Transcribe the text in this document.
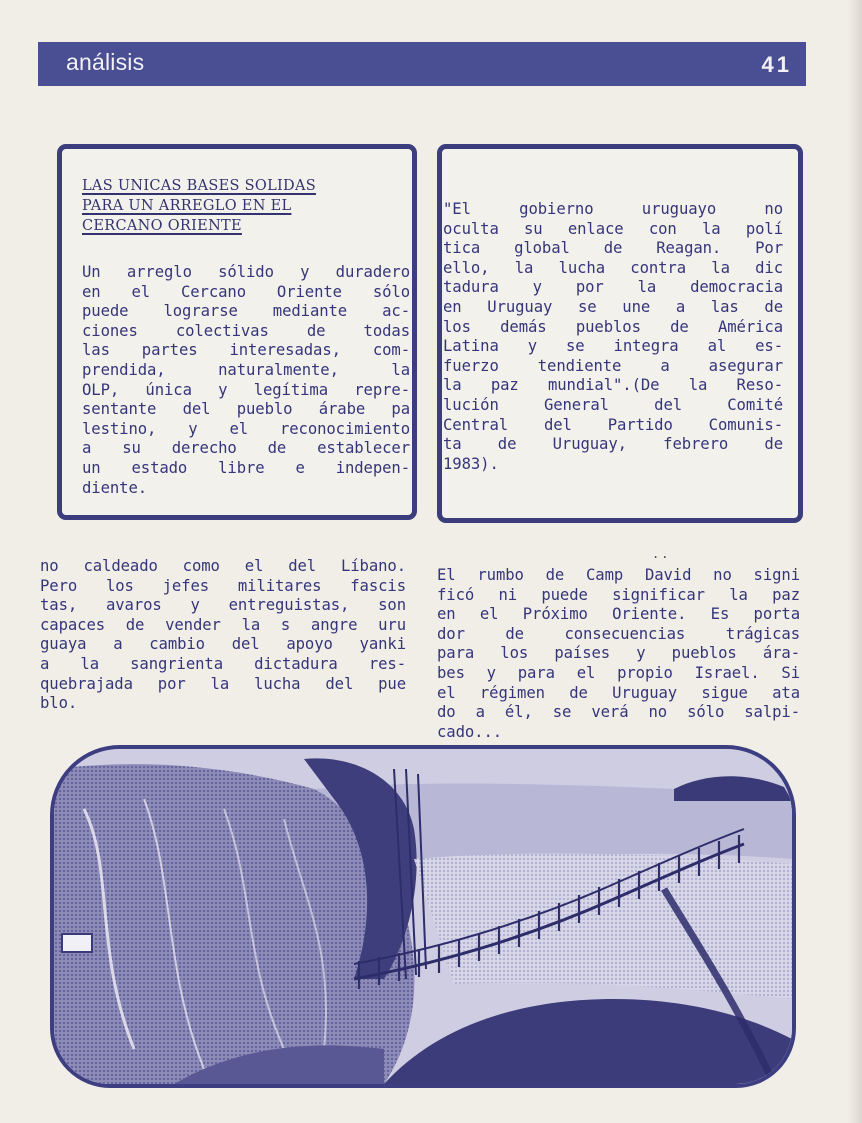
análisis	41
LAS UNICAS BASES SOLIDAS
PARA UN ARREGLO EN EL
CERCANO ORIENTE
Un arreglo sólido y duradero
en el Cercano Oriente sólo
puede lograrse mediante ac-
ciones colectivas de todas
las partes interesadas, com-
prendida, naturalmente, la
OLP, única y legítima repre-
sentante del pueblo árabe pa
lestino, y el reconocimiento
a su derecho de establecer
un estado libre e indepen-
diente.
"El gobierno uruguayo no
oculta su enlace con la polí
tica global de Reagan. Por
ello, la lucha contra la dic
tadura y por la democracia
en Uruguay se une a las de
los demás pueblos de América
Latina y se integra al es-
fuerzo tendiente a asegurar
la paz mundial".(De la Reso-
lución General del Comité
Central del Partido Comunis-
ta de Uruguay, febrero de
1983).
..
no caldeado como el del Líbano.
Pero los jefes militares fascis
tas, avaros y entreguistas, son
capaces de vender la s angre uru
guaya a cambio del apoyo yanki
a la sangrienta dictadura res-
quebrajada por la lucha del pue
blo.
El rumbo de Camp David no signi
ficó ni puede significar la paz
en el Próximo Oriente. Es porta
dor de consecuencias trágicas
para los países y pueblos ára-
bes y para el propio Israel. Si
el régimen de Uruguay sigue ata
do a él, se verá no sólo salpi-
cado...
